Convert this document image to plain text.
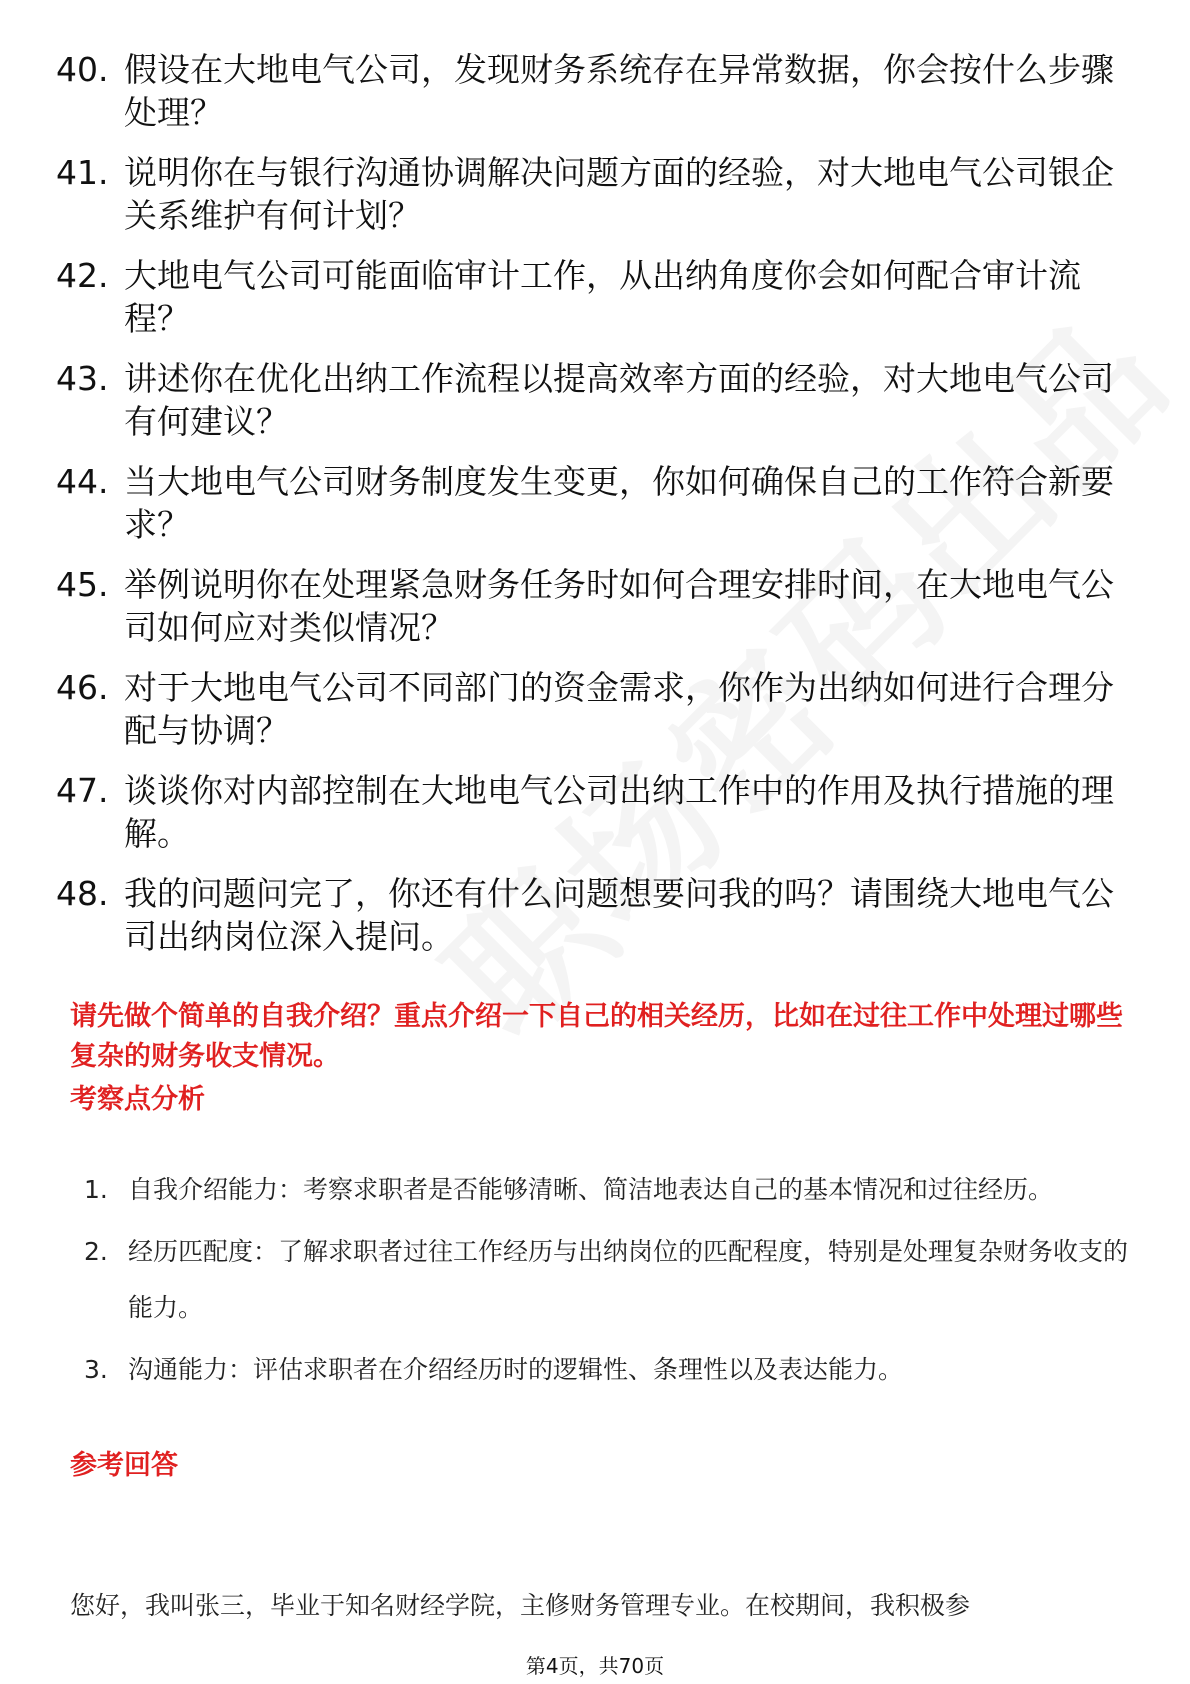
40. 假设在大地电气公司，发现财务系统存在异常数据，你会按什么步骤处理？
41. 说明你在与银行沟通协调解决问题方面的经验，对大地电气公司银企关系维护有何计划？
42. 大地电气公司可能面临审计工作，从出纳角度你会如何配合审计流程？
43. 讲述你在优化出纳工作流程以提高效率方面的经验，对大地电气公司有何建议？
44. 当大地电气公司财务制度发生变更，你如何确保自己的工作符合新要求？
45. 举例说明你在处理紧急财务任务时如何合理安排时间，在大地电气公司如何应对类似情况？
46. 对于大地电气公司不同部门的资金需求，你作为出纳如何进行合理分配与协调？
47. 谈谈你对内部控制在大地电气公司出纳工作中的作用及执行措施的理解。
48. 我的问题问完了，你还有什么问题想要问我的吗？请围绕大地电气公司出纳岗位深入提问。

请先做个简单的自我介绍？重点介绍一下自己的相关经历，比如在过往工作中处理过哪些复杂的财务收支情况。

考察点分析
1. 自我介绍能力：考察求职者是否能够清晰、简洁地表达自己的基本情况和过往经历。
2. 经历匹配度：了解求职者过往工作经历与出纳岗位的匹配程度，特别是处理复杂财务收支的能力。
3. 沟通能力：评估求职者在介绍经历时的逻辑性、条理性以及表达能力。
参考回答

您好，我叫张三，毕业于知名财经学院，主修财务管理专业。在校期间，我积极参

第4页，共70页
